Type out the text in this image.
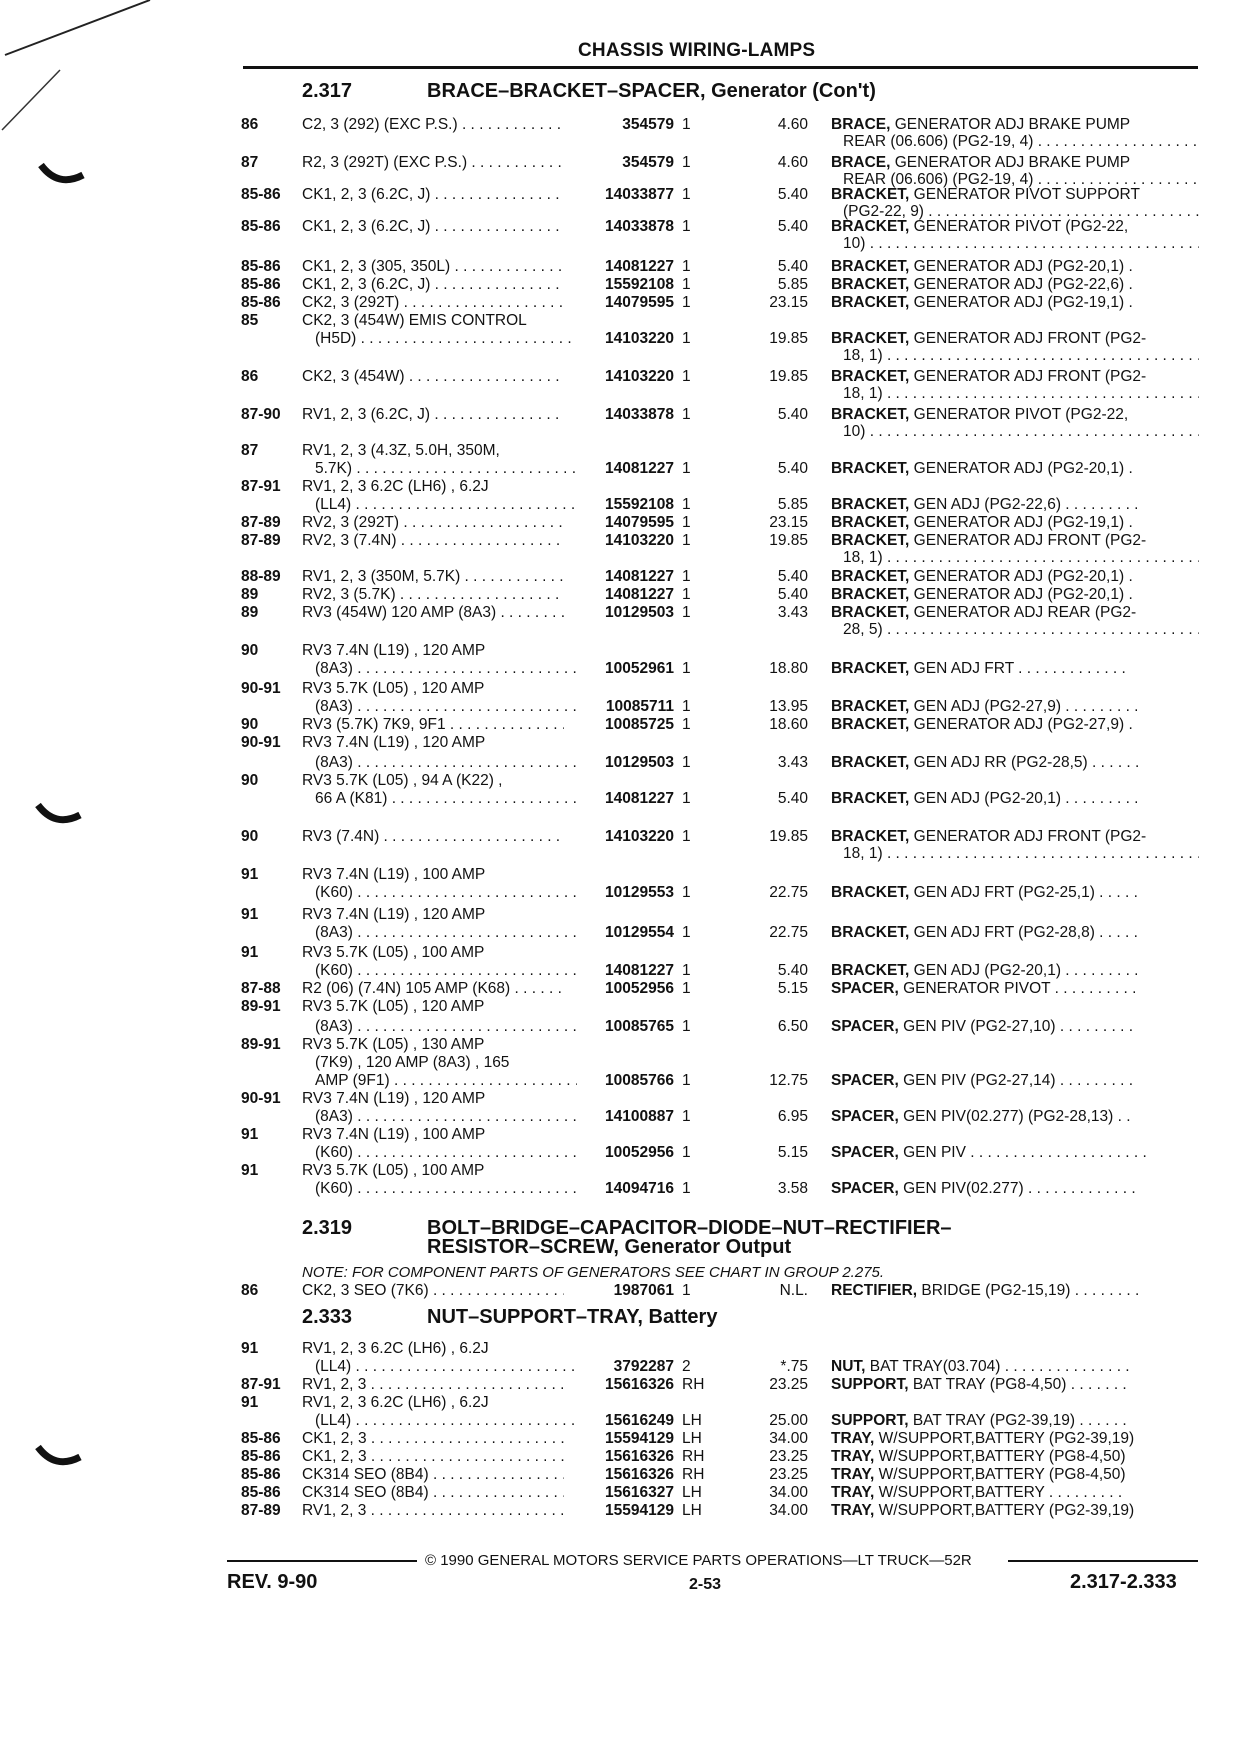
CHASSIS WIRING-LAMPS
2.317	BRACE–BRACKET–SPACER, Generator (Con't)
86	C2, 3 (292) (EXC P.S.) . . .	354579 1	4.60 BRACE, GENERATOR ADJ BRAKE PUMP
REAR (06.606) (PG2-19, 4) . . .
87	R2, 3 (292T) (EXC P.S.) . . .	354579 1	4.60 BRACE, GENERATOR ADJ BRAKE PUMP
REAR (06.606) (PG2-19, 4) . . .
85-86 CK1, 2, 3 (6.2C, J) . . .	14033877 1	5.40 BRACKET, GENERATOR PIVOT SUPPORT
(PG2-22, 9) . . .
85-86 CK1, 2, 3 (6.2C, J) . . .	14033878 1	5.40 BRACKET, GENERATOR PIVOT (PG2-22,
10) . . .
85-86 CK1, 2, 3 (305, 350L) . . .	14081227 1	5.40 BRACKET, GENERATOR ADJ (PG2-20,1) .
85-86 CK1, 2, 3 (6.2C, J) . . .	15592108 1	5.85 BRACKET, GENERATOR ADJ (PG2-22,6) .
85-86 CK2, 3 (292T) . . .	14079595 1	23.15 BRACKET, GENERATOR ADJ (PG2-19,1) .
85	CK2, 3 (454W) EMIS CONTROL
(H5D) . . .	14103220 1	19.85 BRACKET, GENERATOR ADJ FRONT (PG2-
18, 1) . . .
86	CK2, 3 (454W) . . .	14103220 1	19.85 BRACKET, GENERATOR ADJ FRONT (PG2-
18, 1) . . .
87-90 RV1, 2, 3 (6.2C, J) . . .	14033878 1	5.40 BRACKET, GENERATOR PIVOT (PG2-22,
10) . . .
87	RV1, 2, 3 (4.3Z, 5.0H, 350M,
5.7K) . . .	14081227 1	5.40 BRACKET, GENERATOR ADJ (PG2-20,1) .
87-91 RV1, 2, 3 6.2C (LH6) , 6.2J
(LL4) . . .	15592108 1	5.85 BRACKET, GEN ADJ (PG2-22,6) . . . . . . . . .
87-89 RV2, 3 (292T) . . .	14079595 1	23.15 BRACKET, GENERATOR ADJ (PG2-19,1) .
87-89 RV2, 3 (7.4N) . . .	14103220 1	19.85 BRACKET, GENERATOR ADJ FRONT (PG2-
18, 1) . . .
88-89 RV1, 2, 3 (350M, 5.7K) . . .	14081227 1	5.40 BRACKET, GENERATOR ADJ (PG2-20,1) .
89	RV2, 3 (5.7K) . . .	14081227 1	5.40 BRACKET, GENERATOR ADJ (PG2-20,1) .
89	RV3 (454W) 120 AMP (8A3) . . .	10129503 1	3.43 BRACKET, GENERATOR ADJ REAR (PG2-
28, 5) . . .
90	RV3 7.4N (L19) , 120 AMP
(8A3) . . .	10052961 1	18.80 BRACKET, GEN ADJ FRT . . . . . . . . . . . . .
90-91 RV3 5.7K (L05) , 120 AMP
(8A3) . . .	10085711 1	13.95 BRACKET, GEN ADJ (PG2-27,9) . . . . . . . . .
90	RV3 (5.7K) 7K9, 9F1 . . .	10085725 1	18.60 BRACKET, GENERATOR ADJ (PG2-27,9) .
90-91 RV3 7.4N (L19) , 120 AMP
(8A3) . . .	10129503 1	3.43 BRACKET, GEN ADJ RR (PG2-28,5) . . . . . .
90	RV3 5.7K (L05) , 94 A (K22) ,
66 A (K81) . . .	14081227 1	5.40 BRACKET, GEN ADJ (PG2-20,1) . . . . . . . . .
90	RV3 (7.4N) . . .	14103220 1	19.85 BRACKET, GENERATOR ADJ FRONT (PG2-
18, 1) . . .
91	RV3 7.4N (L19) , 100 AMP
(K60) . . .	10129553 1	22.75 BRACKET, GEN ADJ FRT (PG2-25,1) . . . . .
91	RV3 7.4N (L19) , 120 AMP
(8A3) . . .	10129554 1	22.75 BRACKET, GEN ADJ FRT (PG2-28,8) . . . . .
91	RV3 5.7K (L05) , 100 AMP
(K60) . . .	14081227 1	5.40 BRACKET, GEN ADJ (PG2-20,1) . . . . . . . . .
87-88 R2 (06) (7.4N) 105 AMP (K68) . . .	10052956 1	5.15 SPACER, GENERATOR PIVOT . . . . . . . . . .
89-91 RV3 5.7K (L05) , 120 AMP
(8A3) . . .	10085765 1	6.50 SPACER, GEN PIV (PG2-27,10) . . . . . . . . .
89-91 RV3 5.7K (L05) , 130 AMP
(7K9) , 120 AMP (8A3) , 165
AMP (9F1) . . .	10085766 1	12.75 SPACER, GEN PIV (PG2-27,14) . . . . . . . . .
90-91 RV3 7.4N (L19) , 120 AMP
(8A3) . . .	14100887 1	6.95 SPACER, GEN PIV(02.277) (PG2-28,13) . .
91	RV3 7.4N (L19) , 100 AMP
(K60) . . .	10052956 1	5.15 SPACER, GEN PIV . . . . . . . . . . . . . . . . . . . . .
91	RV3 5.7K (L05) , 100 AMP
(K60) . . .	14094716 1	3.58 SPACER, GEN PIV(02.277) . . . . . . . . . . . . .
2.319	BOLT–BRIDGE–CAPACITOR–DIODE–NUT–RECTIFIER–
RESISTOR–SCREW, Generator Output
NOTE: FOR COMPONENT PARTS OF GENERATORS SEE CHART IN GROUP 2.275.
86	CK2, 3 SEO (7K6) . . .	1987061 1	N.L. RECTIFIER, BRIDGE (PG2-15,19) . . . . . . . .
2.333	NUT–SUPPORT–TRAY, Battery
91	RV1, 2, 3 6.2C (LH6) , 6.2J
(LL4) . . .	3792287 2	*.75 NUT, BAT TRAY(03.704) . . . . . . . . . . . . . . .
87-91 RV1, 2, 3 . . .	15616326 RH	23.25 SUPPORT, BAT TRAY (PG8-4,50) . . . . . . .
91	RV1, 2, 3 6.2C (LH6) , 6.2J
(LL4) . . .	15616249 LH	25.00 SUPPORT, BAT TRAY (PG2-39,19) . . . . . .
85-86 CK1, 2, 3 . . .	15594129 LH	34.00 TRAY, W/SUPPORT,BATTERY (PG2-39,19)
85-86 CK1, 2, 3 . . .	15616326 RH	23.25 TRAY, W/SUPPORT,BATTERY (PG8-4,50)
85-86 CK314 SEO (8B4) . . .	15616326 RH	23.25 TRAY, W/SUPPORT,BATTERY (PG8-4,50)
85-86 CK314 SEO (8B4) . . .	15616327 LH	34.00 TRAY, W/SUPPORT,BATTERY . . . . . . . . .
87-89 RV1, 2, 3 . . .	15594129 LH	34.00 TRAY, W/SUPPORT,BATTERY (PG2-39,19)
© 1990 GENERAL MOTORS SERVICE PARTS OPERATIONS—LT TRUCK—52R
REV. 9-90	2-53	2.317-2.333
